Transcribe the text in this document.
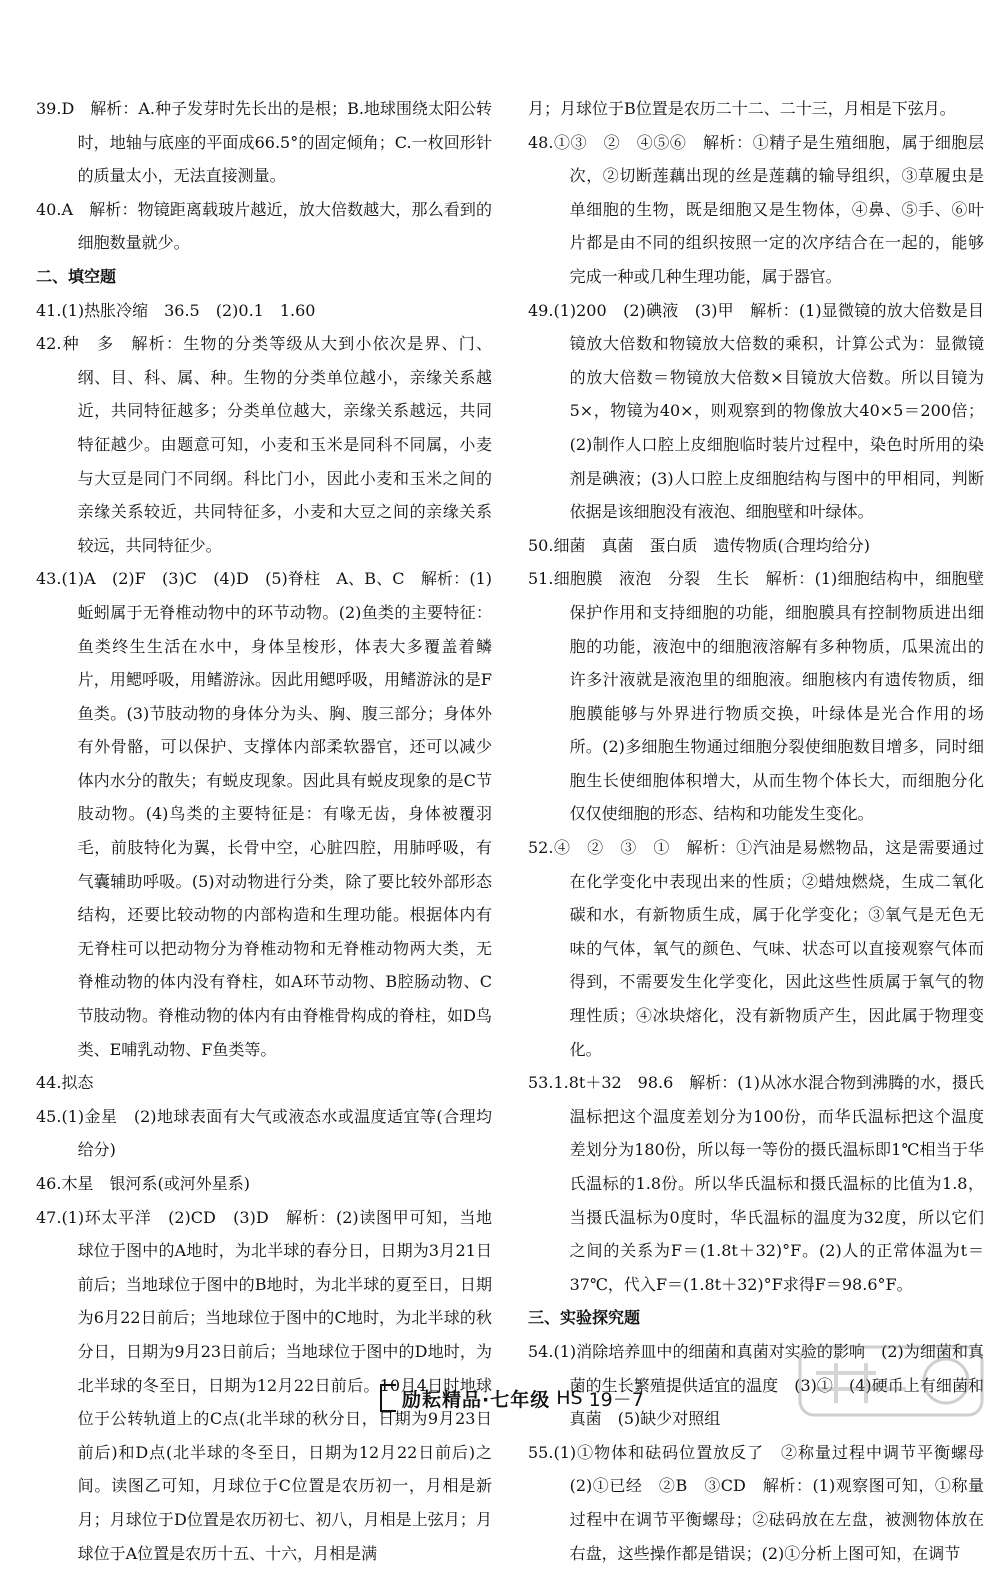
39.D　解析：A.种子发芽时先长出的是根；B.地球围绕太阳公转时，地轴与底座的平面成66.5°的固定倾角；C.一枚回形针的质量太小，无法直接测量。

40.A　解析：物镜距离载玻片越近，放大倍数越大，那么看到的细胞数量就少。

二、填空题

41.(1)热胀冷缩　36.5　(2)0.1　1.60

42.种　多　解析：生物的分类等级从大到小依次是界、门、纲、目、科、属、种。生物的分类单位越小，亲缘关系越近，共同特征越多；分类单位越大，亲缘关系越远，共同特征越少。由题意可知，小麦和玉米是同科不同属，小麦与大豆是同门不同纲。科比门小，因此小麦和玉米之间的亲缘关系较近，共同特征多，小麦和大豆之间的亲缘关系较远，共同特征少。

43.(1)A　(2)F　(3)C　(4)D　(5)脊柱　A、B、C　解析：(1)蚯蚓属于无脊椎动物中的环节动物。(2)鱼类的主要特征：鱼类终生生活在水中，身体呈梭形，体表大多覆盖着鳞片，用鳃呼吸，用鳍游泳。因此用鳃呼吸，用鳍游泳的是F鱼类。(3)节肢动物的身体分为头、胸、腹三部分；身体外有外骨骼，可以保护、支撑体内部柔软器官，还可以减少体内水分的散失；有蜕皮现象。因此具有蜕皮现象的是C节肢动物。(4)鸟类的主要特征是：有喙无齿，身体被覆羽毛，前肢特化为翼，长骨中空，心脏四腔，用肺呼吸，有气囊辅助呼吸。(5)对动物进行分类，除了要比较外部形态结构，还要比较动物的内部构造和生理功能。根据体内有无脊柱可以把动物分为脊椎动物和无脊椎动物两大类，无脊椎动物的体内没有脊柱，如A环节动物、B腔肠动物、C节肢动物。脊椎动物的体内有由脊椎骨构成的脊柱，如D鸟类、E哺乳动物、F鱼类等。

44.拟态

45.(1)金星　(2)地球表面有大气或液态水或温度适宜等(合理均给分)

46.木星　银河系(或河外星系)

47.(1)环太平洋　(2)CD　(3)D　解析：(2)读图甲可知，当地球位于图中的A地时，为北半球的春分日，日期为3月21日前后；当地球位于图中的B地时，为北半球的夏至日，日期为6月22日前后；当地球位于图中的C地时，为北半球的秋分日，日期为9月23日前后；当地球位于图中的D地时，为北半球的冬至日，日期为12月22日前后。10月4日时地球位于公转轨道上的C点(北半球的秋分日，日期为9月23日前后)和D点(北半球的冬至日，日期为12月22日前后)之间。读图乙可知，月球位于C位置是农历初一，月相是新月；月球位于D位置是农历初七、初八，月相是上弦月；月球位于A位置是农历十五、十六，月相是满

月；月球位于B位置是农历二十二、二十三，月相是下弦月。

48.①③　②　④⑤⑥　解析：①精子是生殖细胞，属于细胞层次，②切断莲藕出现的丝是莲藕的输导组织，③草履虫是单细胞的生物，既是细胞又是生物体，④鼻、⑤手、⑥叶片都是由不同的组织按照一定的次序结合在一起的，能够完成一种或几种生理功能，属于器官。

49.(1)200　(2)碘液　(3)甲　解析：(1)显微镜的放大倍数是目镜放大倍数和物镜放大倍数的乘积，计算公式为：显微镜的放大倍数＝物镜放大倍数×目镜放大倍数。所以目镜为5×，物镜为40×，则观察到的物像放大40×5＝200倍；(2)制作人口腔上皮细胞临时装片过程中，染色时所用的染剂是碘液；(3)人口腔上皮细胞结构与图中的甲相同，判断依据是该细胞没有液泡、细胞壁和叶绿体。

50.细菌　真菌　蛋白质　遗传物质(合理均给分)

51.细胞膜　液泡　分裂　生长　解析：(1)细胞结构中，细胞壁保护作用和支持细胞的功能，细胞膜具有控制物质进出细胞的功能，液泡中的细胞液溶解有多种物质，瓜果流出的许多汁液就是液泡里的细胞液。细胞核内有遗传物质，细胞膜能够与外界进行物质交换，叶绿体是光合作用的场所。(2)多细胞生物通过细胞分裂使细胞数目增多，同时细胞生长使细胞体积增大，从而生物个体长大，而细胞分化仅仅使细胞的形态、结构和功能发生变化。

52.④　②　③　①　解析：①汽油是易燃物品，这是需要通过在化学变化中表现出来的性质；②蜡烛燃烧，生成二氧化碳和水，有新物质生成，属于化学变化；③氧气是无色无味的气体，氧气的颜色、气味、状态可以直接观察气体而得到，不需要发生化学变化，因此这些性质属于氧气的物理性质；④冰块熔化，没有新物质产生，因此属于物理变化。

53.1.8t＋32　98.6　解析：(1)从冰水混合物到沸腾的水，摄氏温标把这个温度差划分为100份，而华氏温标把这个温度差划分为180份，所以每一等份的摄氏温标即1℃相当于华氏温标的1.8份。所以华氏温标和摄氏温标的比值为1.8，当摄氏温标为0度时，华氏温标的温度为32度，所以它们之间的关系为F＝(1.8t＋32)°F。(2)人的正常体温为t＝37℃，代入F＝(1.8t＋32)°F求得F＝98.6°F。

三、实验探究题

54.(1)消除培养皿中的细菌和真菌对实验的影响　(2)为细菌和真菌的生长繁殖提供适宜的温度　(3)①　(4)硬币上有细菌和真菌　(5)缺少对照组

55.(1)①物体和砝码位置放反了　②称量过程中调节平衡螺母　(2)①已经　②B　③CD　解析：(1)观察图可知，①称量过程中在调节平衡螺母；②砝码放在左盘，被测物体放在右盘，这些操作都是错误；(2)①分析上图可知，在调节

励耘精品·七年级 HS 19－7
